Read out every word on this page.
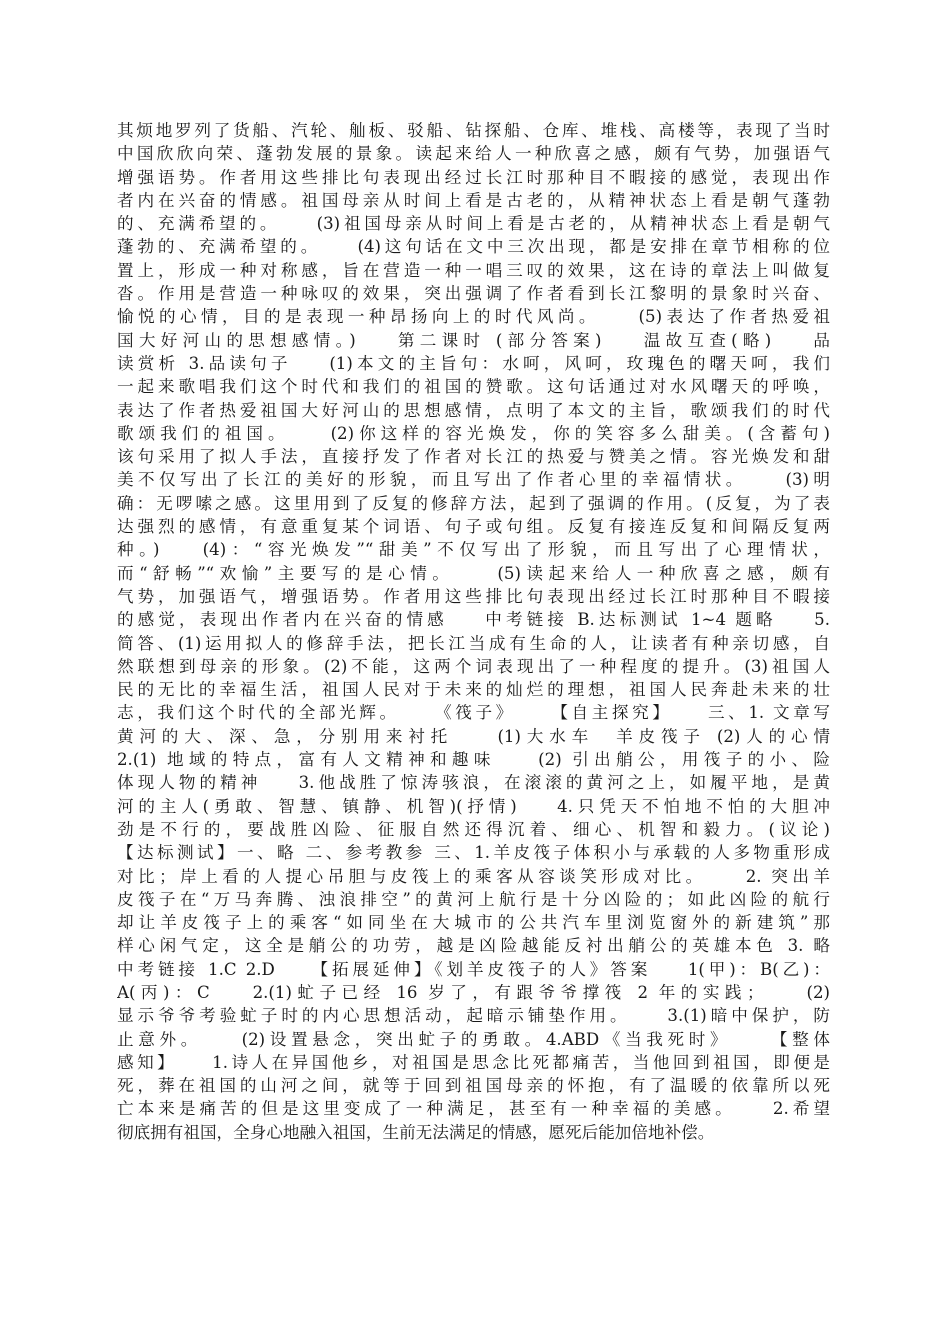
其烦地罗列了货船、汽轮、舢板、驳船、钻探船、仓库、堆栈、高楼等，表现了当时
中国欣欣向荣、蓬勃发展的景象。读起来给人一种欣喜之感，颇有气势，加强语气
增强语势。作者用这些排比句表现出经过长江时那种目不暇接的感觉，表现出作
者内在兴奋的情感。祖国母亲从时间上看是古老的，从精神状态上看是朝气蓬勃
的、充满希望的。    (3)祖国母亲从时间上看是古老的，从精神状态上看是朝气
蓬勃的、充满希望的。    (4)这句话在文中三次出现，都是安排在章节相称的位
置上，形成一种对称感，旨在营造一种一唱三叹的效果，这在诗的章法上叫做复
沓。作用是营造一种咏叹的效果，突出强调了作者看到长江黎明的景象时兴奋、
愉悦的心情，目的是表现一种昂扬向上的时代风尚。    (5)表达了作者热爱祖
国大好河山的思想感情。)    第二课时 (部分答案)    温故互查(略)    品
读赏析 3.品读句子    (1)本文的主旨句：水呵，风呵，玫瑰色的曙天呵，我们
一起来歌唱我们这个时代和我们的祖国的赞歌。这句话通过对水风曙天的呼唤，
表达了作者热爱祖国大好河山的思想感情，点明了本文的主旨，歌颂我们的时代
歌颂我们的祖国。    (2)你这样的容光焕发，你的笑容多么甜美。(含蓄句)
该句采用了拟人手法，直接抒发了作者对长江的热爱与赞美之情。容光焕发和甜
美不仅写出了长江的美好的形貌，而且写出了作者心里的幸福情状。    (3)明
确：无啰嗦之感。这里用到了反复的修辞方法，起到了强调的作用。(反复，为了表
达强烈的感情，有意重复某个词语、句子或句组。反复有接连反复和间隔反复两
种。)    (4)：“容光焕发”“甜美”不仅写出了形貌，而且写出了心理情状，
而“舒畅”“欢愉”主要写的是心情。    (5)读起来给人一种欣喜之感，颇有
气势，加强语气，增强语势。作者用这些排比句表现出经过长江时那种目不暇接
的感觉，表现出作者内在兴奋的情感    中考链接 B.达标测试 1~4 题略    5.
简答、(1)运用拟人的修辞手法，把长江当成有生命的人，让读者有种亲切感，自
然联想到母亲的形象。(2)不能，这两个词表现出了一种程度的提升。(3)祖国人
民的无比的幸福生活，祖国人民对于未来的灿烂的理想，祖国人民奔赴未来的壮
志，我们这个时代的全部光辉。    《筏子》    【自主探究】    三、1. 文章写
黄河的大、深、急，分别用来衬托    (1)大水车  羊皮筏子 (2)人的心情
2.(1) 地域的特点，富有人文精神和趣味    (2) 引出艄公，用筏子的小、险
体现人物的精神    3.他战胜了惊涛骇浪，在滚滚的黄河之上，如履平地，是黄
河的主人(勇敢、智慧、镇静、机智)(抒情)    4.只凭天不怕地不怕的大胆冲
劲是不行的，要战胜凶险、征服自然还得沉着、细心、机智和毅力。(议论)
【达标测试】一、略 二、参考教参 三、1.羊皮筏子体积小与承载的人多物重形成
对比；岸上看的人提心吊胆与皮筏上的乘客从容谈笑形成对比。    2. 突出羊
皮筏子在“万马奔腾、浊浪排空”的黄河上航行是十分凶险的；如此凶险的航行
却让羊皮筏子上的乘客“如同坐在大城市的公共汽车里浏览窗外的新建筑”那
样心闲气定，这全是艄公的功劳，越是凶险越能反衬出艄公的英雄本色 3. 略
中考链接 1.C 2.D    【拓展延伸】《划羊皮筏子的人》答案    1(甲)：B(乙)：
A(丙)：C    2.(1)虻子已经 16 岁了，有跟爷爷撑筏 2 年的实践；    (2)
显示爷爷考验虻子时的内心思想活动，起暗示铺垫作用。    3.(1)暗中保护，防
止意外。    (2)设置悬念，突出虻子的勇敢。4.ABD《当我死时》    【整体
感知】    1.诗人在异国他乡，对祖国是思念比死都痛苦，当他回到祖国，即便是
死，葬在祖国的山河之间，就等于回到祖国母亲的怀抱，有了温暖的依靠所以死
亡本来是痛苦的但是这里变成了一种满足，甚至有一种幸福的美感。    2.希望
彻底拥有祖国，全身心地融入祖国，生前无法满足的情感，愿死后能加倍地补偿。
